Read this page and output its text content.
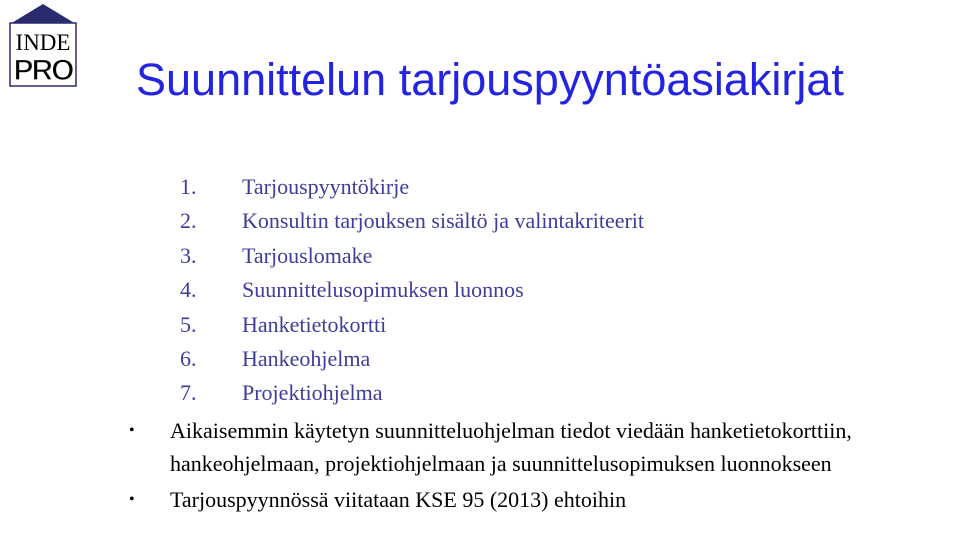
INDE
PRO Suunnittelun tarjouspyyntöasiakirjat
1. Tarjouspyyntökirje
2. Konsultin tarjouksen sisältö ja valintakriteerit
3. Tarjouslomake
4. Suunnittelusopimuksen luonnos
5. Hanketietokortti
6. Hankeohjelma
7. Projektiohjelma
• Aikaisemmin käytetyn suunnitteluohjelman tiedot viedään hanketietokorttiin, hankeohjelmaan, projektiohjelmaan ja suunnittelusopimuksen luonnokseen
• Tarjouspyynnössä viitataan KSE 95 (2013) ehtoihin
